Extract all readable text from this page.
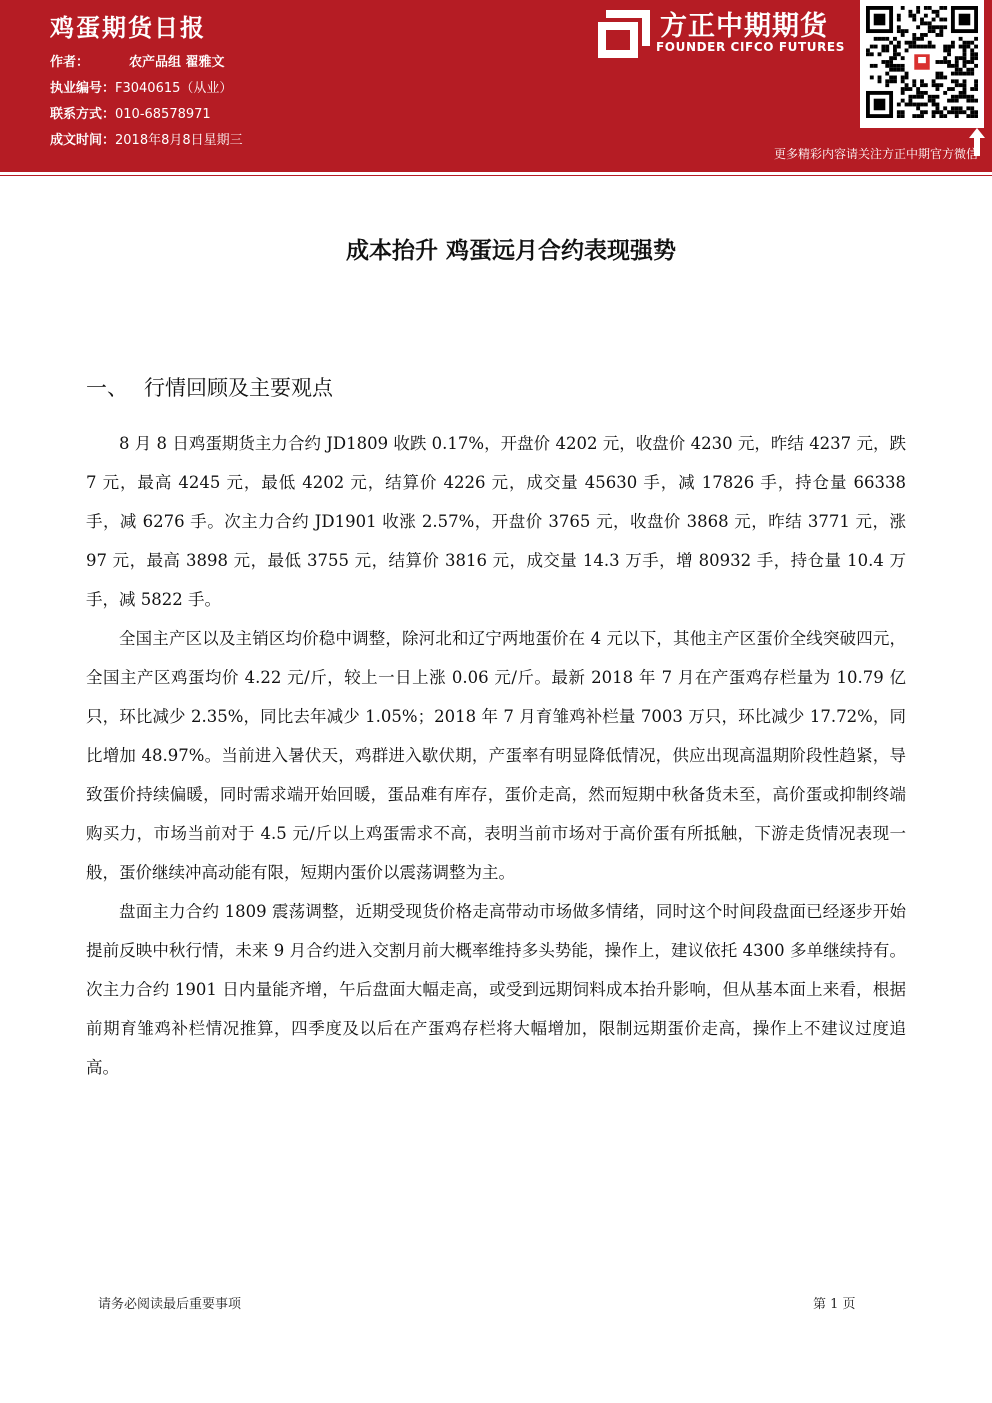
鸡蛋期货日报
作者：	农产品组 翟雅文
执业编号：F3040615（从业）
联系方式：010-68578971
成文时间：2018年8月8日星期三
方正中期期货
FOUNDER CIFCO FUTURES
更多精彩内容请关注方正中期官方微信
成本抬升 鸡蛋远月合约表现强势
一、 行情回顾及主要观点

8 月 8 日鸡蛋期货主力合约 JD1809 收跌 0.17%，开盘价 4202 元，收盘价 4230 元，昨结 4237 元，跌 7 元，最高 4245 元，最低 4202 元，结算价 4226 元，成交量 45630 手，减 17826 手，持仓量 66338 手，减 6276 手。次主力合约 JD1901 收涨 2.57%，开盘价 3765 元，收盘价 3868 元，昨结 3771 元，涨 97 元，最高 3898 元，最低 3755 元，结算价 3816 元，成交量 14.3 万手，增 80932 手，持仓量 10.4 万手，减 5822 手。

全国主产区以及主销区均价稳中调整，除河北和辽宁两地蛋价在 4 元以下，其他主产区蛋价全线突破四元，全国主产区鸡蛋均价 4.22 元/斤，较上一日上涨 0.06 元/斤。最新 2018 年 7 月在产蛋鸡存栏量为 10.79 亿只，环比减少 2.35%，同比去年减少 1.05%；2018 年 7 月育雏鸡补栏量 7003 万只，环比减少 17.72%，同比增加 48.97%。当前进入暑伏天，鸡群进入歇伏期，产蛋率有明显降低情况，供应出现高温期阶段性趋紧，导致蛋价持续偏暖，同时需求端开始回暖，蛋品难有库存，蛋价走高，然而短期中秋备货未至，高价蛋或抑制终端购买力，市场当前对于 4.5 元/斤以上鸡蛋需求不高，表明当前市场对于高价蛋有所抵触，下游走货情况表现一般，蛋价继续冲高动能有限，短期内蛋价以震荡调整为主。

盘面主力合约 1809 震荡调整，近期受现货价格走高带动市场做多情绪，同时这个时间段盘面已经逐步开始提前反映中秋行情，未来 9 月合约进入交割月前大概率维持多头势能，操作上，建议依托 4300 多单继续持有。次主力合约 1901 日内量能齐增，午后盘面大幅走高，或受到远期饲料成本抬升影响，但从基本面上来看，根据前期育雏鸡补栏情况推算，四季度及以后在产蛋鸡存栏将大幅增加，限制远期蛋价走高，操作上不建议过度追高。

请务必阅读最后重要事项	第 1 页
